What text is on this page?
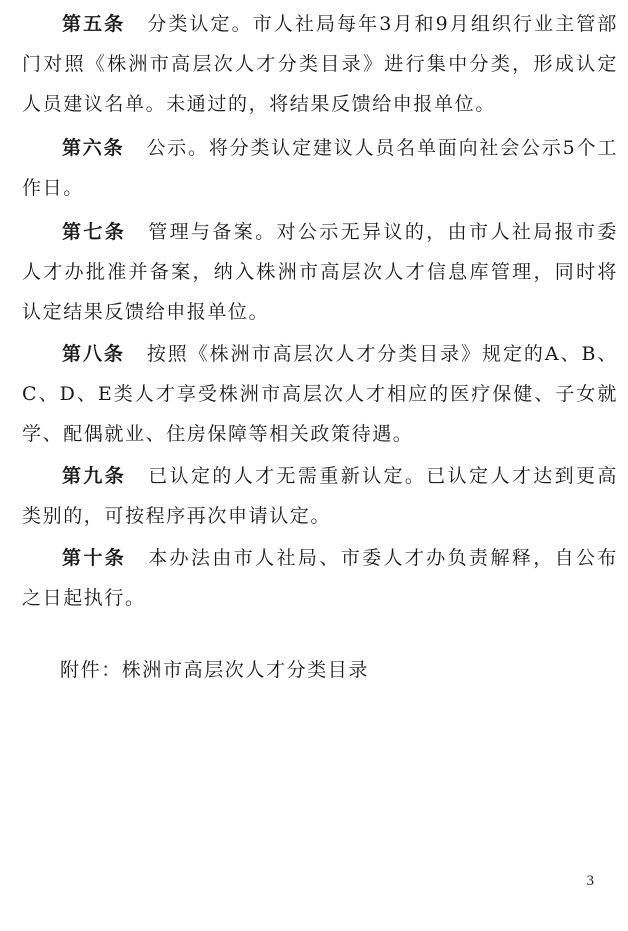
第五条 分类认定。市人社局每年3月和9月组织行业主管部门对照《株洲市高层次人才分类目录》进行集中分类，形成认定人员建议名单。未通过的，将结果反馈给申报单位。

第六条 公示。将分类认定建议人员名单面向社会公示5个工作日。

第七条 管理与备案。对公示无异议的，由市人社局报市委人才办批准并备案，纳入株洲市高层次人才信息库管理，同时将认定结果反馈给申报单位。

第八条 按照《株洲市高层次人才分类目录》规定的A、B、C、D、E类人才享受株洲市高层次人才相应的医疗保健、子女就学、配偶就业、住房保障等相关政策待遇。

第九条 已认定的人才无需重新认定。已认定人才达到更高类别的，可按程序再次申请认定。

第十条 本办法由市人社局、市委人才办负责解释，自公布之日起执行。

附件：株洲市高层次人才分类目录

3
